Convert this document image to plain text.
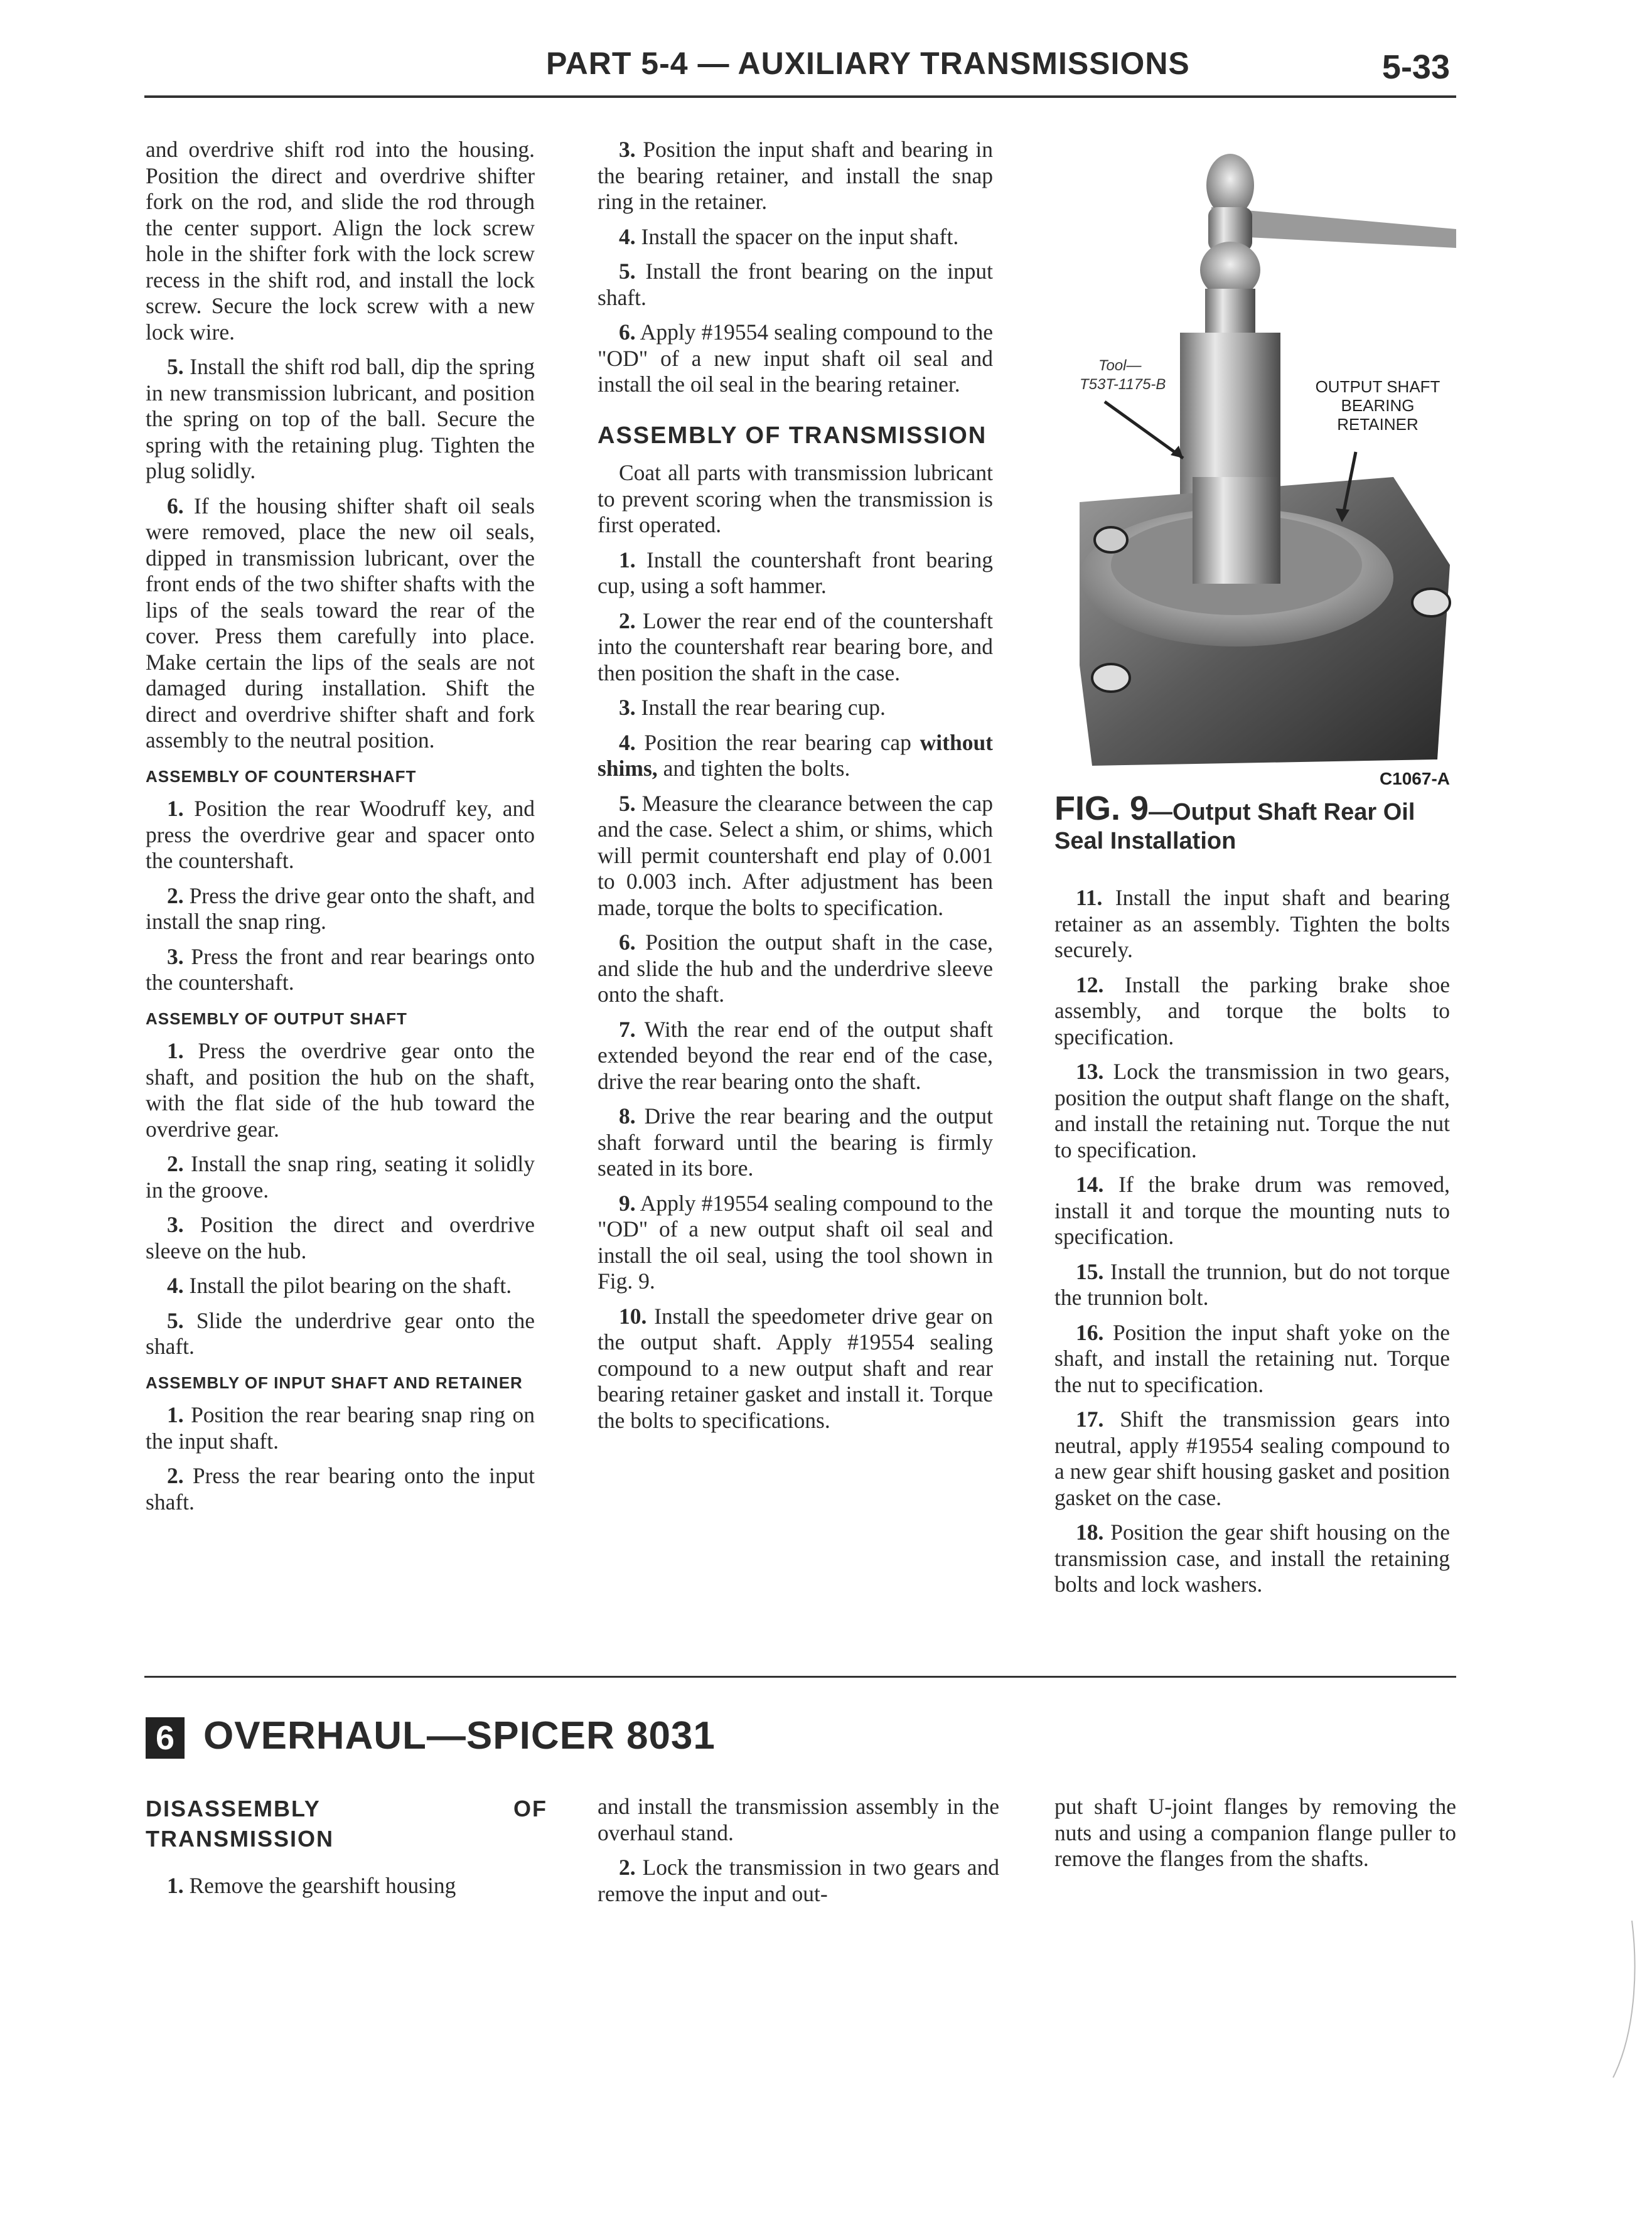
PART 5-4 — AUXILIARY TRANSMISSIONS	5-33

and overdrive shift rod into the housing. Position the direct and overdrive shifter fork on the rod, and slide the rod through the center support. Align the lock screw hole in the shifter fork with the lock screw recess in the shift rod, and install the lock screw. Secure the lock screw with a new lock wire.

5. Install the shift rod ball, dip the spring in new transmission lubricant, and position the spring on top of the ball. Secure the spring with the retaining plug. Tighten the plug solidly.

6. If the housing shifter shaft oil seals were removed, place the new oil seals, dipped in transmission lubricant, over the front ends of the two shifter shafts with the lips of the seals toward the rear of the cover. Press them carefully into place. Make certain the lips of the seals are not damaged during installation. Shift the direct and overdrive shifter shaft and fork assembly to the neutral position.

ASSEMBLY OF COUNTERSHAFT

1. Position the rear Woodruff key, and press the overdrive gear and spacer onto the countershaft.

2. Press the drive gear onto the shaft, and install the snap ring.

3. Press the front and rear bearings onto the countershaft.

ASSEMBLY OF OUTPUT SHAFT

1. Press the overdrive gear onto the shaft, and position the hub on the shaft, with the flat side of the hub toward the overdrive gear.

2. Install the snap ring, seating it solidly in the groove.

3. Position the direct and overdrive sleeve on the hub.

4. Install the pilot bearing on the shaft.

5. Slide the underdrive gear onto the shaft.

ASSEMBLY OF INPUT SHAFT AND RETAINER

1. Position the rear bearing snap ring on the input shaft.

2. Press the rear bearing onto the input shaft.

3. Position the input shaft and bearing in the bearing retainer, and install the snap ring in the retainer.

4. Install the spacer on the input shaft.

5. Install the front bearing on the input shaft.

6. Apply #19554 sealing compound to the "OD" of a new input shaft oil seal and install the oil seal in the bearing retainer.

ASSEMBLY OF TRANSMISSION

Coat all parts with transmission lubricant to prevent scoring when the transmission is first operated.

1. Install the countershaft front bearing cup, using a soft hammer.

2. Lower the rear end of the countershaft into the countershaft rear bearing bore, and then position the shaft in the case.

3. Install the rear bearing cup.

4. Position the rear bearing cap without shims, and tighten the bolts.

5. Measure the clearance between the cap and the case. Select a shim, or shims, which will permit countershaft end play of 0.001 to 0.003 inch. After adjustment has been made, torque the bolts to specification.

6. Position the output shaft in the case, and slide the hub and the underdrive sleeve onto the shaft.

7. With the rear end of the output shaft extended beyond the rear end of the case, drive the rear bearing onto the shaft.

8. Drive the rear bearing and the output shaft forward until the bearing is firmly seated in its bore.

9. Apply #19554 sealing compound to the "OD" of a new output shaft oil seal and install the oil seal, using the tool shown in Fig. 9.

10. Install the speedometer drive gear on the output shaft. Apply #19554 sealing compound to a new output shaft and rear bearing retainer gasket and install it. Torque the bolts to specifications.

Tool—
T53T-1175-B	OUTPUT SHAFT
BEARING
RETAINER
C1067-A
FIG. 9—Output Shaft Rear Oil Seal Installation

11. Install the input shaft and bearing retainer as an assembly. Tighten the bolts securely.

12. Install the parking brake shoe assembly, and torque the bolts to specification.

13. Lock the transmission in two gears, position the output shaft flange on the shaft, and install the retaining nut. Torque the nut to specification.

14. If the brake drum was removed, install it and torque the mounting nuts to specification.

15. Install the trunnion, but do not torque the trunnion bolt.

16. Position the input shaft yoke on the shaft, and install the retaining nut. Torque the nut to specification.

17. Shift the transmission gears into neutral, apply #19554 sealing compound to a new gear shift housing gasket and position gasket on the case.

18. Position the gear shift housing on the transmission case, and install the retaining bolts and lock washers.

6 OVERHAUL—SPICER 8031
DISASSEMBLY OF TRANSMISSION

1. Remove the gearshift housing

and install the transmission assembly in the overhaul stand.

2. Lock the transmission in two gears and remove the input and out-

put shaft U-joint flanges by removing the nuts and using a companion flange puller to remove the flanges from the shafts.
